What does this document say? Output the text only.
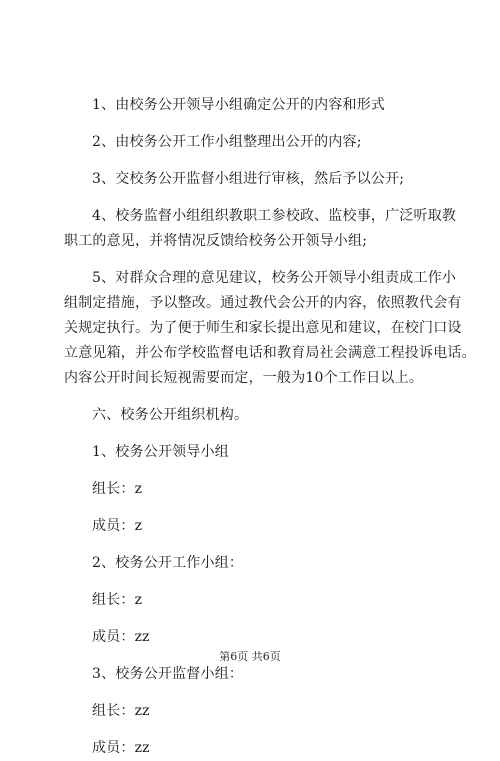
1、由校务公开领导小组确定公开的内容和形式
2、由校务公开工作小组整理出公开的内容;
3、交校务公开监督小组进行审核，然后予以公开;
4、校务监督小组组织教职工参校政、监校事，广泛听取教
职工的意见，并将情况反馈给校务公开领导小组;
5、对群众合理的意见建议，校务公开领导小组责成工作小
组制定措施，予以整改。通过教代会公开的内容，依照教代会有
关规定执行。为了便于师生和家长提出意见和建议，在校门口设
立意见箱，并公布学校监督电话和教育局社会满意工程投诉电话。
内容公开时间长短视需要而定，一般为10个工作日以上。
六、校务公开组织机构。
1、校务公开领导小组
组长：z
成员：z
2、校务公开工作小组：
组长：z
成员：zz
3、校务公开监督小组：
组长：zz
成员：zz
第6页 共6页
